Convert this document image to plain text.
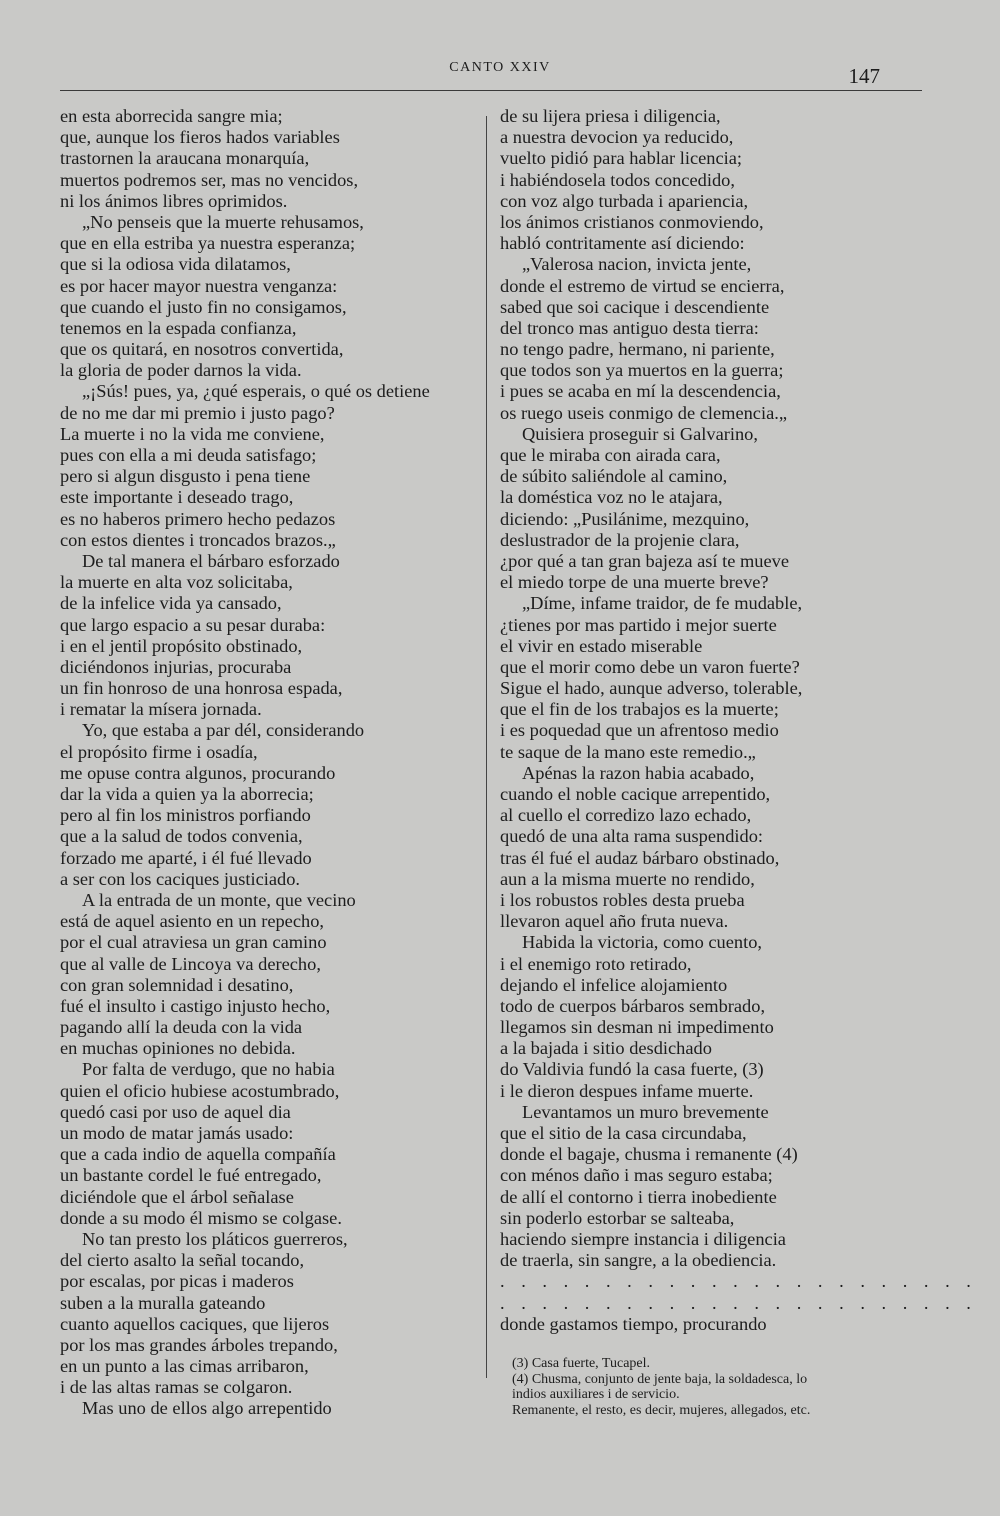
CANTO XXIV	147
en esta aborrecida sangre mia;
que, aunque los fieros hados variables
trastornen la araucana monarquía,
muertos podremos ser, mas no vencidos,
ni los ánimos libres oprimidos.
„No penseis que la muerte rehusamos,
que en ella estriba ya nuestra esperanza;
que si la odiosa vida dilatamos,
es por hacer mayor nuestra venganza:
que cuando el justo fin no consigamos,
tenemos en la espada confianza,
que os quitará, en nosotros convertida,
la gloria de poder darnos la vida.
„¡Sús! pues, ya, ¿qué esperais, o qué os detiene
de no me dar mi premio i justo pago?
La muerte i no la vida me conviene,
pues con ella a mi deuda satisfago;
pero si algun disgusto i pena tiene
este importante i deseado trago,
es no haberos primero hecho pedazos
con estos dientes i troncados brazos.„
De tal manera el bárbaro esforzado
la muerte en alta voz solicitaba,
de la infelice vida ya cansado,
que largo espacio a su pesar duraba:
i en el jentil propósito obstinado,
diciéndonos injurias, procuraba
un fin honroso de una honrosa espada,
i rematar la mísera jornada.
Yo, que estaba a par dél, considerando
el propósito firme i osadía,
me opuse contra algunos, procurando
dar la vida a quien ya la aborrecia;
pero al fin los ministros porfiando
que a la salud de todos convenia,
forzado me aparté, i él fué llevado
a ser con los caciques justiciado.
A la entrada de un monte, que vecino
está de aquel asiento en un repecho,
por el cual atraviesa un gran camino
que al valle de Lincoya va derecho,
con gran solemnidad i desatino,
fué el insulto i castigo injusto hecho,
pagando allí la deuda con la vida
en muchas opiniones no debida.
Por falta de verdugo, que no habia
quien el oficio hubiese acostumbrado,
quedó casi por uso de aquel dia
un modo de matar jamás usado:
que a cada indio de aquella compañía
un bastante cordel le fué entregado,
diciéndole que el árbol señalase
donde a su modo él mismo se colgase.
No tan presto los pláticos guerreros,
del cierto asalto la señal tocando,
por escalas, por picas i maderos
suben a la muralla gateando
cuanto aquellos caciques, que lijeros
por los mas grandes árboles trepando,
en un punto a las cimas arribaron,
i de las altas ramas se colgaron.
Mas uno de ellos algo arrepentido
de su lijera priesa i diligencia,
a nuestra devocion ya reducido,
vuelto pidió para hablar licencia;
i habiéndosela todos concedido,
con voz algo turbada i apariencia,
los ánimos cristianos conmoviendo,
habló contritamente así diciendo:
„Valerosa nacion, invicta jente,
donde el estremo de virtud se encierra,
sabed que soi cacique i descendiente
del tronco mas antiguo desta tierra:
no tengo padre, hermano, ni pariente,
que todos son ya muertos en la guerra;
i pues se acaba en mí la descendencia,
os ruego useis conmigo de clemencia.„
Quisiera proseguir si Galvarino,
que le miraba con airada cara,
de súbito saliéndole al camino,
la doméstica voz no le atajara,
diciendo: „Pusilánime, mezquino,
deslustrador de la projenie clara,
¿por qué a tan gran bajeza así te mueve
el miedo torpe de una muerte breve?
„Díme, infame traidor, de fe mudable,
¿tienes por mas partido i mejor suerte
el vivir en estado miserable
que el morir como debe un varon fuerte?
Sigue el hado, aunque adverso, tolerable,
que el fin de los trabajos es la muerte;
i es poquedad que un afrentoso medio
te saque de la mano este remedio.„
Apénas la razon habia acabado,
cuando el noble cacique arrepentido,
al cuello el corredizo lazo echado,
quedó de una alta rama suspendido:
tras él fué el audaz bárbaro obstinado,
aun a la misma muerte no rendido,
i los robustos robles desta prueba
llevaron aquel año fruta nueva.
Habida la victoria, como cuento,
i el enemigo roto retirado,
dejando el infelice alojamiento
todo de cuerpos bárbaros sembrado,
llegamos sin desman ni impedimento
a la bajada i sitio desdichado
do Valdivia fundó la casa fuerte, (3)
i le dieron despues infame muerte.
Levantamos un muro brevemente
que el sitio de la casa circundaba,
donde el bagaje, chusma i remanente (4)
con ménos daño i mas seguro estaba;
de allí el contorno i tierra inobediente
sin poderlo estorbar se salteaba,
haciendo siempre instancia i diligencia
de traerla, sin sangre, a la obediencia.
. . . . . . . . . . . . . . . . . . . . . . .
. . . . . . . . . . . . . . . . . . . . . . .
donde gastamos tiempo, procurando
(3) Casa fuerte, Tucapel.
(4) Chusma, conjunto de jente baja, la soldadesca, lo
indios auxiliares i de servicio.
Remanente, el resto, es decir, mujeres, allegados, etc.
